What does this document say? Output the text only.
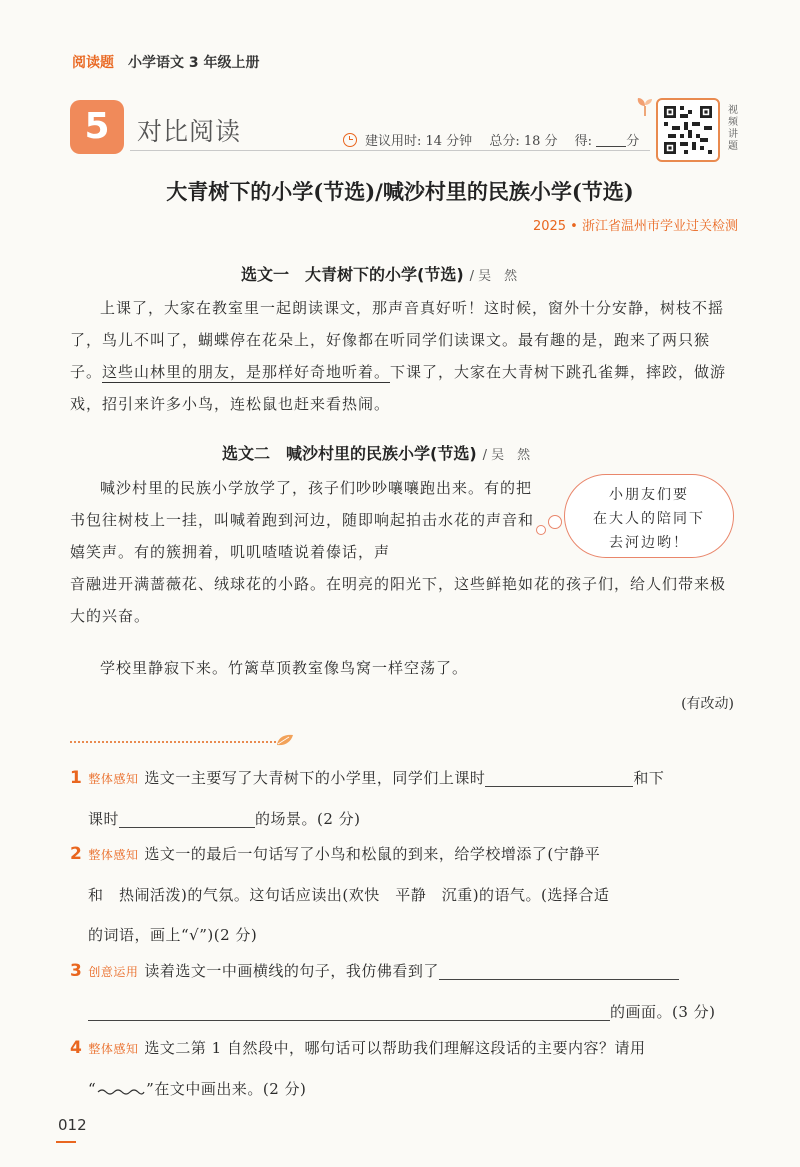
阅读题 小学语文 3 年级上册
5	对比阅读	建议用时: 14 分钟　 总分: 18 分　 得:	分
视频讲题
大青树下的小学(节选)/喊沙村里的民族小学(节选)
2025 • 浙江省温州市学业过关检测
选文一　大青树下的小学(节选) / 吴　然
上课了，大家在教室里一起朗读课文，那声音真好听！这时候，窗外十分安静，树枝不摇了，鸟儿不叫了，蝴蝶停在花朵上，好像都在听同学们读课文。最有趣的是，跑来了两只猴子。这些山林里的朋友，是那样好奇地听着。下课了，大家在大青树下跳孔雀舞，摔跤，做游戏，招引来许多小鸟，连松鼠也赶来看热闹。
选文二　喊沙村里的民族小学(节选) / 吴　然
喊沙村里的民族小学放学了，孩子们吵吵嚷嚷跑出来。有的把书包往树枝上一挂，叫喊着跑到河边，随即响起拍击水花的声音和嬉笑声。有的簇拥着，叽叽喳喳说着傣话，声
音融进开满蔷薇花、绒球花的小路。在明亮的阳光下，这些鲜艳如花的孩子们，给人们带来极大的兴奋。
学校里静寂下来。竹篱草顶教室像鸟窝一样空荡了。
(有改动)
小朋友们要
在大人的陪同下
去河边哟！
1 整体感知 选文一主要写了大青树下的小学里，同学们上课时	和下
课时	的场景。(2 分)
2 整体感知 选文一的最后一句话写了小鸟和松鼠的到来，给学校增添了(宁静平
和　热闹活泼)的气氛。这句话应读出(欢快　平静　沉重)的语气。(选择合适
的词语，画上“√”)(2 分)
3 创意运用 读着选文一中画横线的句子，我仿佛看到了
的画面。(3 分)
4 整体感知 选文二第 1 自然段中，哪句话可以帮助我们理解这段话的主要内容？请用
“	”在文中画出来。(2 分)
012
